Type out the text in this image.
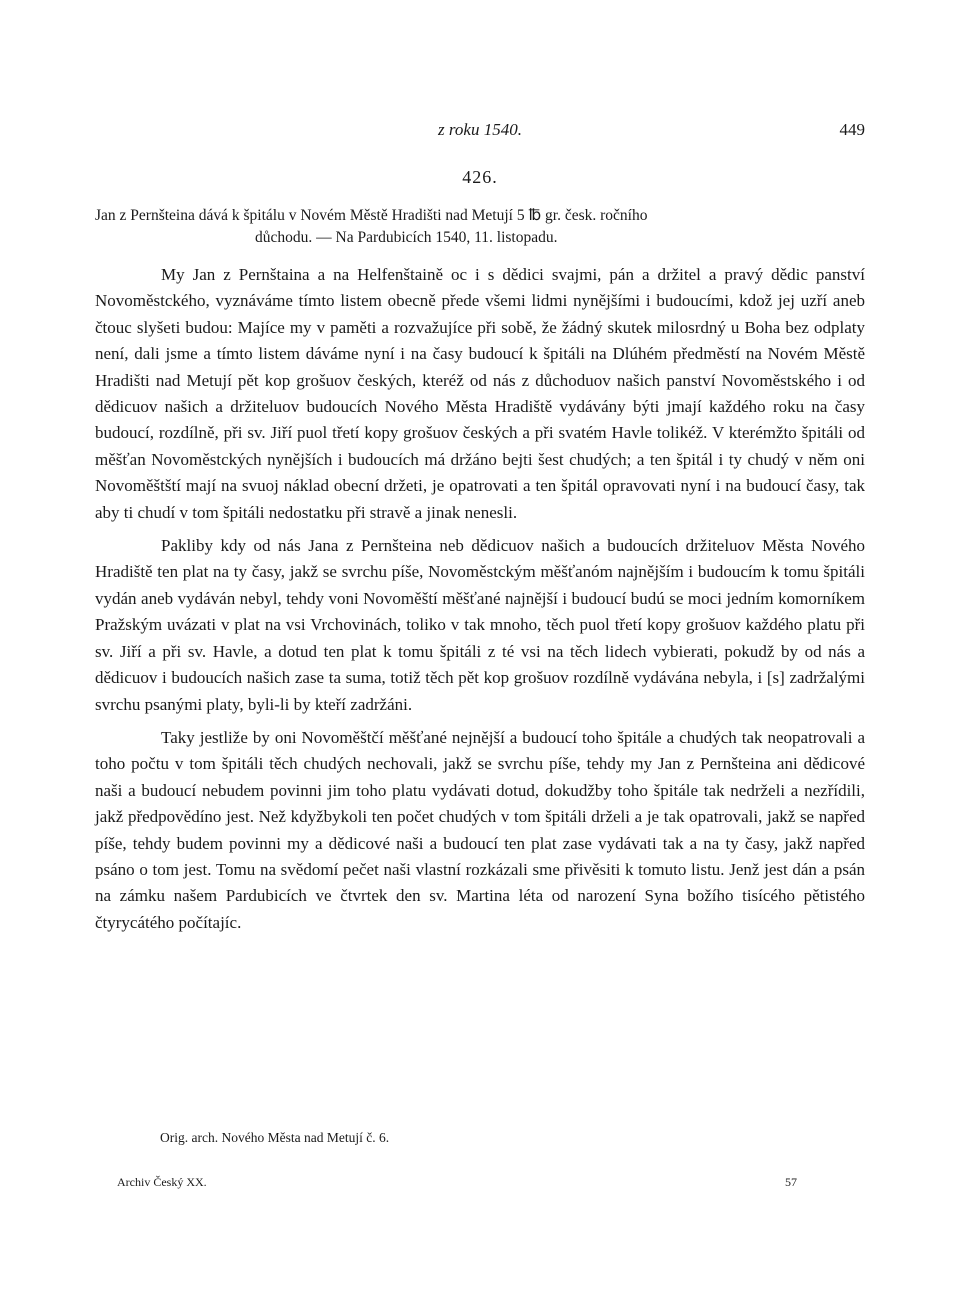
z roku 1540.	449
426.
Jan z Pernšteina dává k špitálu v Novém Městě Hradišti nad Metují 5 ℔ gr. česk. ročního
důchodu. — Na Pardubicích 1540, 11. listopadu.

My Jan z Pernštaina a na Helfenštaině oc i s dědici svajmi, pán a držitel a pravý dědic panství Novoměstckého, vyznáváme tímto listem obecně přede všemi lidmi nynějšími i budoucími, kdož jej uzří aneb čtouc slyšeti budou: Majíce my v paměti a rozvažujíce při sobě, že žádný skutek milosrdný u Boha bez odplaty není, dali jsme a tímto listem dáváme nyní i na časy budoucí k špitáli na Dlúhém předměstí na Novém Městě Hradišti nad Metují pět kop grošuov českých, kteréž od nás z důchoduov našich panství Novoměstského i od dědicuov našich a držiteluov budoucích Nového Města Hradiště vydávány býti jmají každého roku na časy budoucí, rozdílně, při sv. Jiří puol třetí kopy grošuov českých a při svatém Havle tolikéž. V kterémžto špitáli od měšťan Novoměstckých nynějších i budoucích má držáno bejti šest chudých; a ten špitál i ty chudý v něm oni Novoměštští mají na svuoj náklad obecní držeti, je opatrovati a ten špitál opravovati nyní i na budoucí časy, tak aby ti chudí v tom špitáli nedostatku při stravě a jinak nenesli.

Pakliby kdy od nás Jana z Pernšteina neb dědicuov našich a budoucích držiteluov Města Nového Hradiště ten plat na ty časy, jakž se svrchu píše, Novoměstckým měšťanóm najnějším i budoucím k tomu špitáli vydán aneb vydáván nebyl, tehdy voni Novoměští měšťané najnější i budoucí budú se moci jedním komorníkem Pražským uvázati v plat na vsi Vrchovinách, toliko v tak mnoho, těch puol třetí kopy grošuov každého platu při sv. Jiří a při sv. Havle, a dotud ten plat k tomu špitáli z té vsi na těch lidech vybierati, pokudž by od nás a dědicuov i budoucích našich zase ta suma, totiž těch pět kop grošuov rozdílně vydávána nebyla, i [s] zadržalými svrchu psanými platy, byli-li by kteří zadržáni.

Taky jestliže by oni Novoměštčí měšťané nejnější a budoucí toho špitále a chudých tak neopatrovali a toho počtu v tom špitáli těch chudých nechovali, jakž se svrchu píše, tehdy my Jan z Pernšteina ani dědicové naši a budoucí nebudem povinni jim toho platu vydávati dotud, dokudžby toho špitále tak nedrželi a nezřídili, jakž předpovědíno jest. Než kdyžbykoli ten počet chudých v tom špitáli drželi a je tak opatrovali, jakž se napřed píše, tehdy budem povinni my a dědicové naši a budoucí ten plat zase vydávati tak a na ty časy, jakž napřed psáno o tom jest. Tomu na svědomí pečet naši vlastní rozkázali sme přivěsiti k tomuto listu. Jenž jest dán a psán na zámku našem Pardubicích ve čtvrtek den sv. Martina léta od narození Syna božího tisícého pětistého čtyrycátého počítajíc.

Orig. arch. Nového Města nad Metují č. 6.
Archiv Český XX.	57
